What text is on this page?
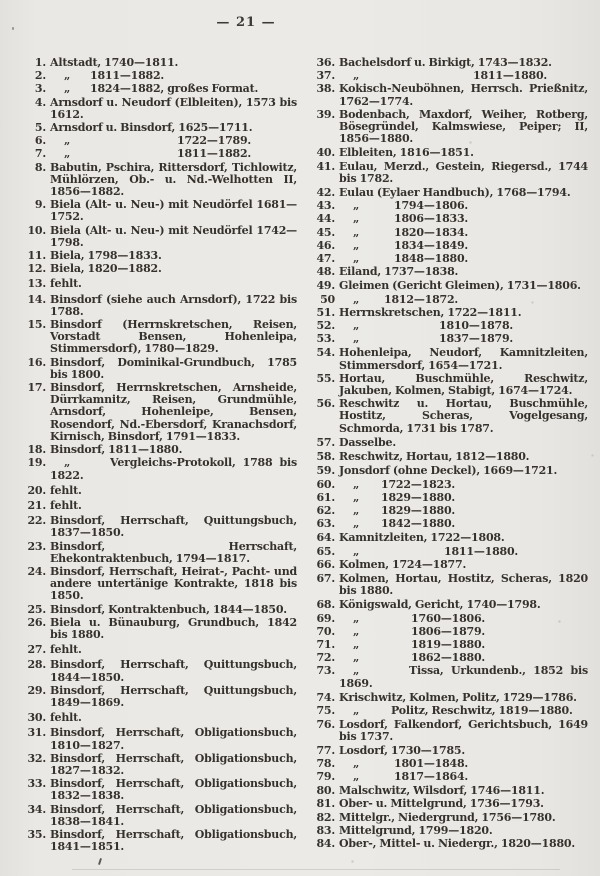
— 21 —
1. Altstadt, 1740—1811.
2.	„ 1811—1882.
3.	„ 1824—1882, großes Format.
4. Arnsdorf u. Neudorf (Elbleiten), 1573 bis 1612.
5. Arnsdorf u. Binsdorf, 1625—1711.
6.	„	1722—1789.
7.	„	1811—1882.
8. Babutin, Pschira, Rittersdorf, Tichlowitz, Mühlörzen, Ob.- u. Nd.-Welhotten II, 1856—1882.
9. Biela (Alt- u. Neu-) mit Neudörfel 1681—1752.
10. Biela (Alt- u. Neu-) mit Neudörfel 1742—1798.
11. Biela, 1798—1833.
12. Biela, 1820—1882.
13. fehlt.
14. Binsdorf (siehe auch Arnsdorf), 1722 bis 1788.
15. Binsdorf (Herrnskretschen, Reisen, Vorstadt Bensen, Hohenleipa, Stimmersdorf), 1780—1829.
16. Binsdorf, Dominikal-Grundbuch, 1785 bis 1800.
17. Binsdorf, Herrnskretschen, Arnsheide, Dürrkamnitz, Reisen, Grundmühle, Arnsdorf, Hohenleipe, Bensen, Rosendorf, Nd.-Ebersdorf, Kranachsdorf, Kirnisch, Binsdorf, 1791—1833.
18. Binsdorf, 1811—1880.
19.	„	Vergleichs-Protokoll, 1788 bis 1822.
20. fehlt.
21. fehlt.
22. Binsdorf, Herrschaft, Quittungsbuch, 1837—1850.
23. Binsdorf, Herrschaft, Ehekontraktenbuch, 1794—1817.
24. Binsdorf, Herrschaft, Heirat-, Pacht- und andere untertänige Kontrakte, 1818 bis 1850.
25. Binsdorf, Kontraktenbuch, 1844—1850.
26. Biela u. Bünauburg, Grundbuch, 1842 bis 1880.
27. fehlt.
28. Binsdorf, Herrschaft, Quittungsbuch, 1844—1850.
29. Binsdorf, Herrschaft, Quittungsbuch, 1849—1869.
30. fehlt.
31. Binsdorf, Herrschaft, Obligationsbuch, 1810—1827.
32. Binsdorf, Herrschaft, Obligationsbuch, 1827—1832.
33. Binsdorf, Herrschaft, Obligationsbuch, 1832—1838.
34. Binsdorf, Herrschaft, Obligationsbuch, 1838—1841.
35. Binsdorf, Herrschaft, Obligationsbuch, 1841—1851.
36. Bachelsdorf u. Birkigt, 1743—1832.
37.	„	1811—1880.
38. Kokisch-Neuböhnen, Herrsch. Prießnitz, 1762—1774.
39. Bodenbach, Maxdorf, Weiher, Rotberg, Bösegründel, Kalmswiese, Peiper; II, 1856—1880.
40. Elbleiten, 1816—1851.
41. Eulau, Merzd., Gestein, Riegersd., 1744 bis 1782.
42. Eulau (Eylaer Handbuch), 1768—1794.
43.	„	1794—1806.
44.	„	1806—1833.
45.	„	1820—1834.
46.	„	1834—1849.
47.	„	1848—1880.
48. Eiland, 1737—1838.
49. Gleimen (Gericht Gleimen), 1731—1806.
50	„ 1812—1872.
51. Herrnskretschen, 1722—1811.
52.	„	1810—1878.
53.	„	1837—1879.
54. Hohenleipa, Neudorf, Kamnitzleiten, Stimmersdorf, 1654—1721.
55. Hortau, Buschmühle, Reschwitz, Jakuben, Kolmen, Stabigt, 1674—1724.
56. Reschwitz u. Hortau, Buschmühle, Hostitz, Scheras, Vogelgesang, Schmorda, 1731 bis 1787.
57. Dasselbe.
58. Reschwitz, Hortau, 1812—1880.
59. Jonsdorf (ohne Deckel), 1669—1721.
60.	„ 1722—1823.
61.	„ 1829—1880.
62.	„ 1829—1880.
63.	„ 1842—1880.
64. Kamnitzleiten, 1722—1808.
65.	„	1811—1880.
66. Kolmen, 1724—1877.
67. Kolmen, Hortau, Hostitz, Scheras, 1820 bis 1880.
68. Königswald, Gericht, 1740—1798.
69.	„	1760—1806.
70.	„	1806—1879.
71.	„	1819—1880.
72.	„	1862—1880.
73.	„	Tissa, Urkundenb., 1852 bis 1869.
74. Krischwitz, Kolmen, Politz, 1729—1786.
75.	„	Politz, Reschwitz, 1819—1880.
76. Losdorf, Falkendorf, Gerichtsbuch, 1649 bis 1737.
77. Losdorf, 1730—1785.
78.	„	1801—1848.
79.	„	1817—1864.
80. Malschwitz, Wilsdorf, 1746—1811.
81. Ober- u. Mittelgrund, 1736—1793.
82. Mittelgr., Niedergrund, 1756—1780.
83. Mittelgrund, 1799—1820.
84. Ober-, Mittel- u. Niedergr., 1820—1880.
